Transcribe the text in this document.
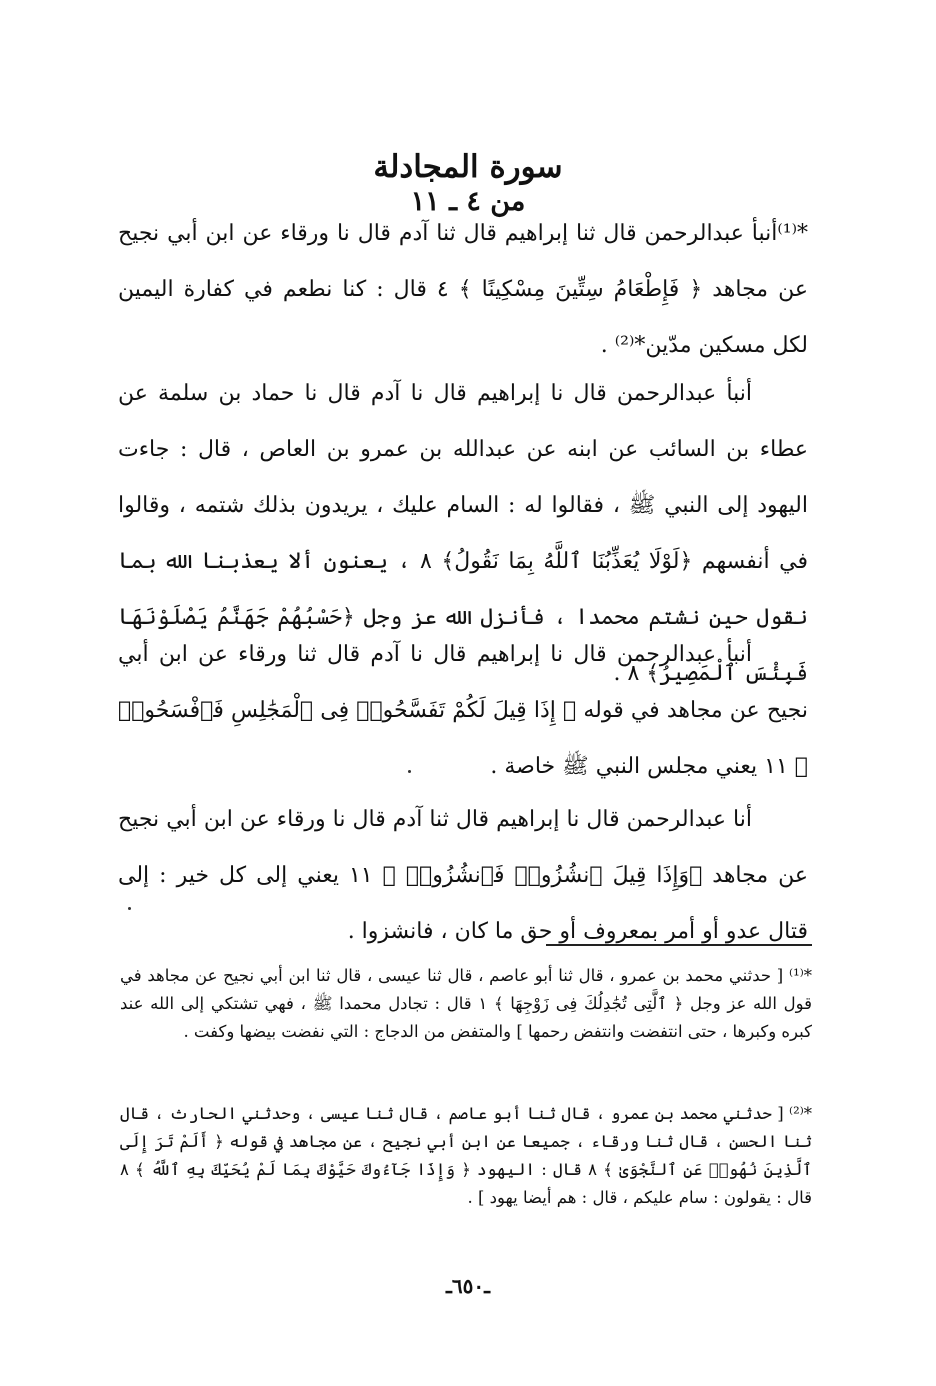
سورة المجادلة
من ٤ ـ ١١
*⁽¹⁾أنبأ عبدالرحمن قال ثنا إبراهيم قال ثنا آدم قال نا ورقاء عن ابن أبي نجيح عن مجاهد ﴿ فَإِطْعَامُ سِتِّينَ مِسْكِينًا ﴾ ٤ قال : كنا نطعم في كفارة اليمين لكل مسكين مدّين*⁽²⁾ .
أنبأ عبدالرحمن قال نا إبراهيم قال نا آدم قال نا حماد بن سلمة عن عطاء بن السائب عن ابنه عن عبدالله بن عمرو بن العاص ، قال : جاءت اليهود إلى النبي ﷺ ، فقالوا له : السام عليك ، يريدون بذلك شتمه ، وقالوا في أنفسهم ﴿لَوْلَا يُعَذِّبُنَا ٱللَّهُ بِمَا نَقُولُ﴾ ٨ ، يعنون ألا يعذبنا الله بما نقول حين نشتم محمدا ، فأنزل الله عز وجل ﴿حَسْبُهُمْ جَهَنَّمُ يَصْلَوْنَهَا فَبِئْسَ ٱلْمَصِيرُ﴾ ٨ .
أنبأ عبدالرحمن قال نا إبراهيم قال نا آدم قال ثنا ورقاء عن ابن أبي نجيح عن مجاهد في قوله ﴿ إِذَا قِيلَ لَكُمْ تَفَسَّحُوا۟ فِى ٱلْمَجَٰلِسِ فَٱفْسَحُوا۟ ﴾ ١١ يعني مجلس النبي ﷺ خاصة .
أنا عبدالرحمن قال نا إبراهيم قال ثنا آدم قال نا ورقاء عن ابن أبي نجيح عن مجاهد ﴿وَإِذَا قِيلَ ٱنشُزُوا۟ فَٱنشُزُوا۟ ﴾ ١١ يعني إلى كل خير : إلى قتال عدو أو أمر بمعروف أو حق ما كان ، فانشزوا .
*⁽¹⁾ [ حدثني محمد بن عمرو ، قال ثنا أبو عاصم ، قال ثنا عيسى ، قال ثنا ابن أبي نجيح عن مجاهد في قول الله عز وجل ﴿ ٱلَّتِى تُجَٰدِلُكَ فِى زَوْجِهَا ﴾ ١ قال : تجادل محمدا ﷺ ، فهي تشتكي إلى الله عند كبره وكبرها ، حتى انتفضت وانتفض رحمها ] والمتفض من الدجاج : التي نفضت بيضها وكفت .
*⁽²⁾ [ حدثني محمد بن عمرو ، قال ثنا أبو عاصم ، قال ثنا عيسى ، وحدثني الحارث ، قال ثنا الحسن ، قال ثنا ورقاء ، جميعا عن ابن أبي نجيح ، عن مجاهد في قوله ﴿ أَلَمْ تَرَ إِلَى ٱلَّذِينَ نُهُوا۟ عَنِ ٱلنَّجْوَىٰ ﴾ ٨ قال : اليهود ﴿ وَإِذَا جَآءُوكَ حَيَّوْكَ بِمَا لَمْ يُحَيِّكَ بِهِ ٱللَّهُ ﴾ ٨ قال : يقولون : سام عليكم ، قال : هم أيضا يهود ] .
ـ٦٥٠ـ
